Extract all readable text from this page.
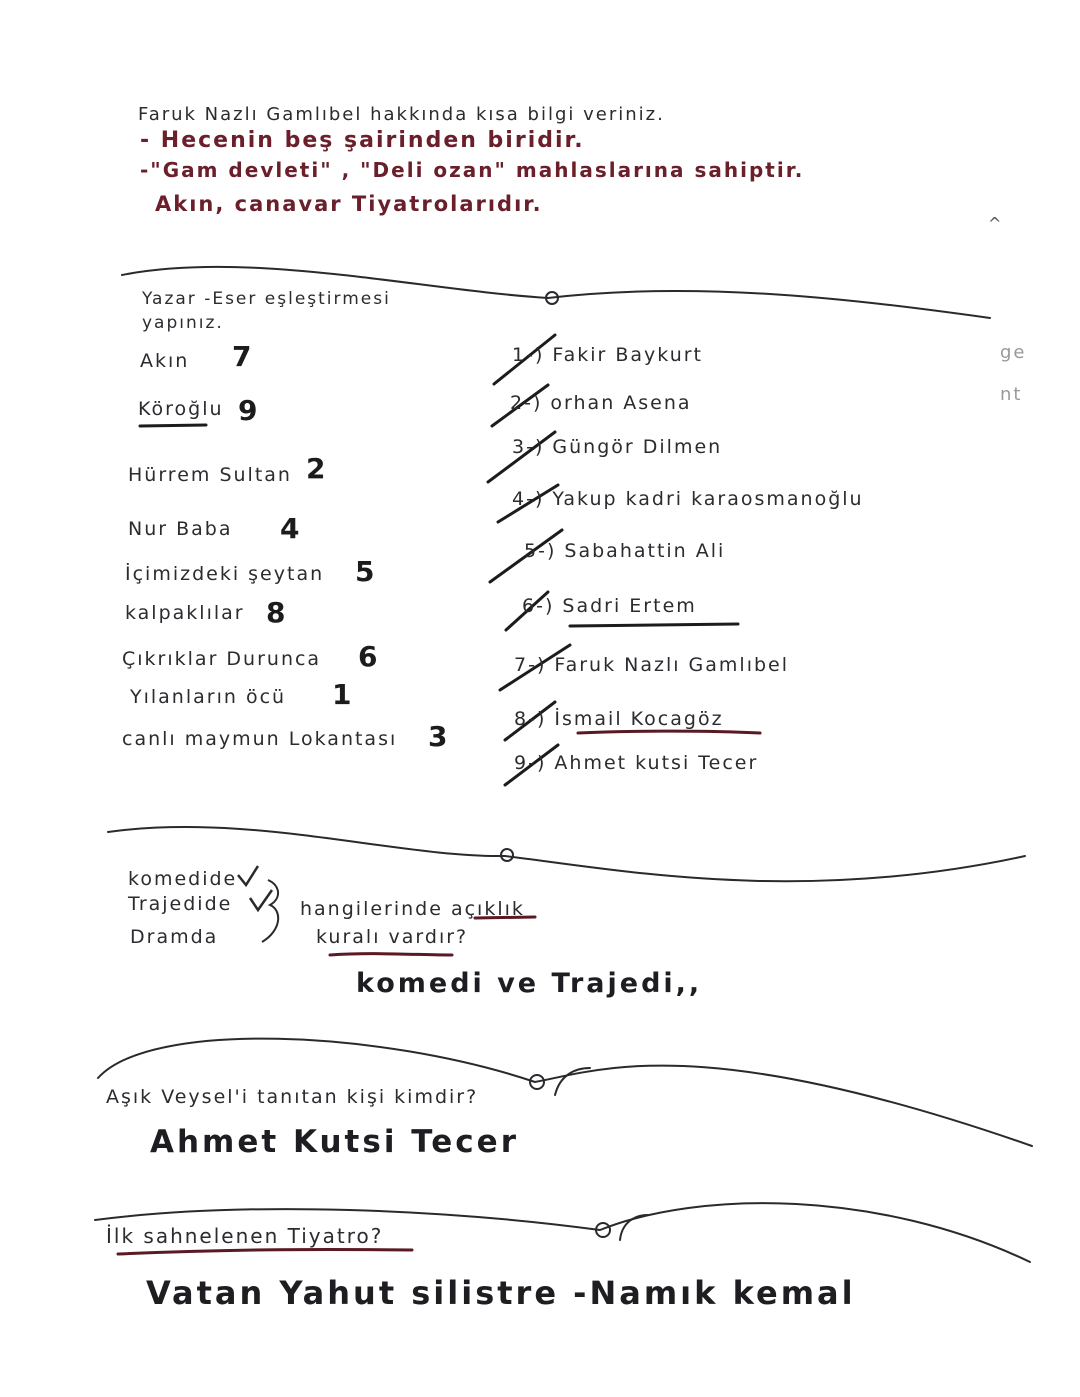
Faruk Nazlı Gamlıbel hakkında kısa bilgi veriniz.
- Hecenin beş şairinden biridir.
-"Gam devleti" , "Deli ozan" mahlaslarına sahiptir.
Akın, canavar Tiyatrolarıdır.
Yazar -Eser eşleştirmesi
yapınız.
Akın 7
Köroğlu 9
Hürrem Sultan 2
Nur Baba 4
İçimizdeki şeytan 5
kalpaklılar 8
Çıkrıklar Durunca 6
Yılanların öcü 1
canlı maymun Lokantası 3
1-) Fakir Baykurt
2-) orhan Asena
3-) Güngör Dilmen
4-) Yakup kadri karaosmanoğlu
5-) Sabahattin Ali
6-) Sadri Ertem
7-) Faruk Nazlı Gamlıbel
8-) İsmail Kocagöz
9-) Ahmet kutsi Tecer
komedide
Trajedide
Dramda
hangilerinde açıklık
kuralı vardır?
komedi ve Trajedi,,
Aşık Veysel'i tanıtan kişi kimdir?
Ahmet Kutsi Tecer
İlk sahnelenen Tiyatro?
Vatan Yahut silistre -Namık kemal
^
ge
nt
